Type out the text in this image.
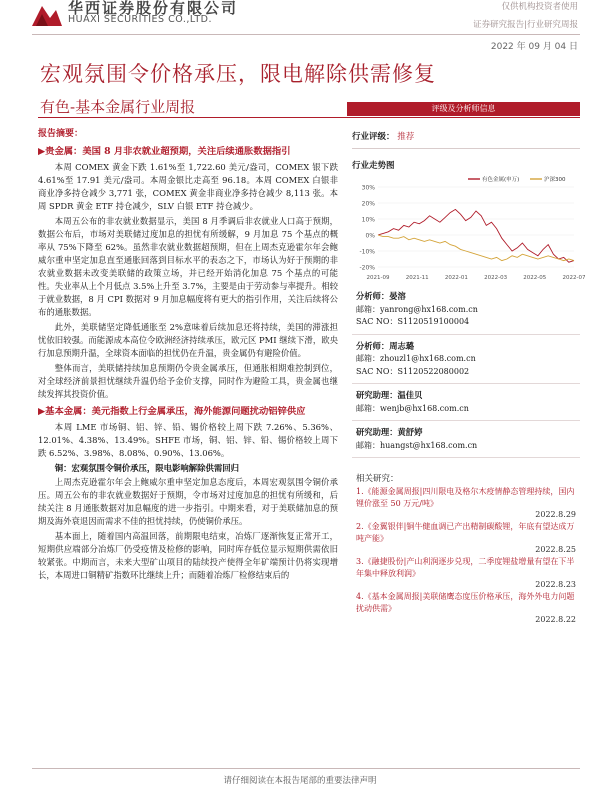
华西证券股份有限公司
HUAXI SECURITIES CO.,LTD.
仅供机构投资者使用
证券研究报告|行业研究周报
2022 年 09 月 04 日
宏观氛围令价格承压，限电解除供需修复
有色-基本金属行业周报	评级及分析师信息
报告摘要：
▶贵金属：美国 8 月非农就业超预期，关注后续通胀数据指引

本周 COMEX 黄金下跌 1.61%至 1,722.60 美元/盎司，COMEX 银下跌 4.61%至 17.91 美元/盎司。本周金银比走高至 96.18。本周 COMEX 白银非商业净多持仓减少 3,771 张，COMEX 黄金非商业净多持仓减少 8,113 张。本周 SPDR 黄金 ETF 持仓减少，SLV 白银 ETF 持仓减少。

本周五公布的非农就业数据显示，美国 8 月季调后非农就业人口高于预期，数据公布后，市场对美联储过度加息的担忧有所缓解，9 月加息 75 个基点的概率从 75%下降至 62%。虽然非农就业数据超预期，但在上周杰克逊霍尔年会鲍威尔重申坚定加息直至通胀回落到目标水平的表态之下，市场认为好于预期的非农就业数据未改变美联储的政策立场，并已经开始消化加息 75 个基点的可能性。失业率从上个月低点 3.5%上升至 3.7%，主要是由于劳动参与率提升。相较于就业数据，8 月 CPI 数据对 9 月加息幅度将有更大的指引作用，关注后续将公布的通胀数据。

此外，美联储坚定降低通胀至 2%意味着后续加息还将持续，美国的滞涨担忧依旧较强。而能源成本高位令欧洲经济持续承压，欧元区 PMI 继续下滑，欧央行加息预期升温，全球资本面临的担忧仍在升温，贵金属仍有避险价值。

整体而言，美联储持续加息预期仍令贵金属承压，但通胀相期难控制到位，对全球经济前景担忧继续升温仍给予金价支撑，同时作为避险工具，贵金属也继续发挥其投资价值。

▶基本金属：美元指数上行金属承压，海外能源问题扰动铝锌供应

本周 LME 市场铜、铝、锌、铅、锡价格较上周下跌 7.26%、5.36%、12.01%、4.38%、13.49%。SHFE 市场，铜、铝、锌、铅、锡价格较上周下跌 6.52%、3.98%、8.08%、0.90%、13.06%。

铜：宏观氛围令铜价承压，限电影响解除供需回归

上周杰克逊霍尔年会上鲍威尔重申坚定加息态度后，本周宏观氛围令铜价承压。周五公布的非农就业数据好于预期，令市场对过度加息的担忧有所缓和，后续关注 8 月通胀数据对加息幅度的进一步指引。中期来看，对于美联储加息的预期及海外衰退因而需求不佳的担忧持续，仍使铜价承压。

基本面上，随着国内高温回落，前期限电结束，冶炼厂逐渐恢复正常开工，短期供应端部分冶炼厂仍受疫情及检修的影响，同时库存低位显示短期供需依旧较紧张。中期而言，未来大型矿山项目的陆续投产使得全年矿端预计仍将实现增长，本周进口铜精矿指数环比继续上升；而随着冶炼厂检修结束后的

行业评级： 推荐
行业走势图
30%
20%
10%
0%
-10%
-20%
2021-09	2021-11	2022-01	2022-03	2022-05	2022-07
有色金属(申万)	沪深300
分析师：晏溶
邮箱：yanrong@hx168.com.cn
SAC NO：S1120519100004
分析师：周志璐
邮箱：zhouzl1@hx168.com.cn
SAC NO：S1120522080002
研究助理：温佳贝
邮箱：wenjb@hx168.com.cn
研究助理：黄舒婷
邮箱：huangst@hx168.com.cn
相关研究：
1.《能源金属周报|四川限电及格尔木疫情静态管理持续，国内锂价涨至 50 万元/吨》
2022.8.29
2.《金翼银伴|铜牛健血调已产出精制碳酸锂，年底有望达成万吨产能》
2022.8.25
3.《融捷股份|产山利润逐步兑现，二季度锂盐增量有望在下半年集中释放利润》
2022.8.23
4.《基本金属周报|美联储鹰态度压价格承压，海外外电力问题扰动供需》
2022.8.22
请仔细阅读在本报告尾部的重要法律声明
